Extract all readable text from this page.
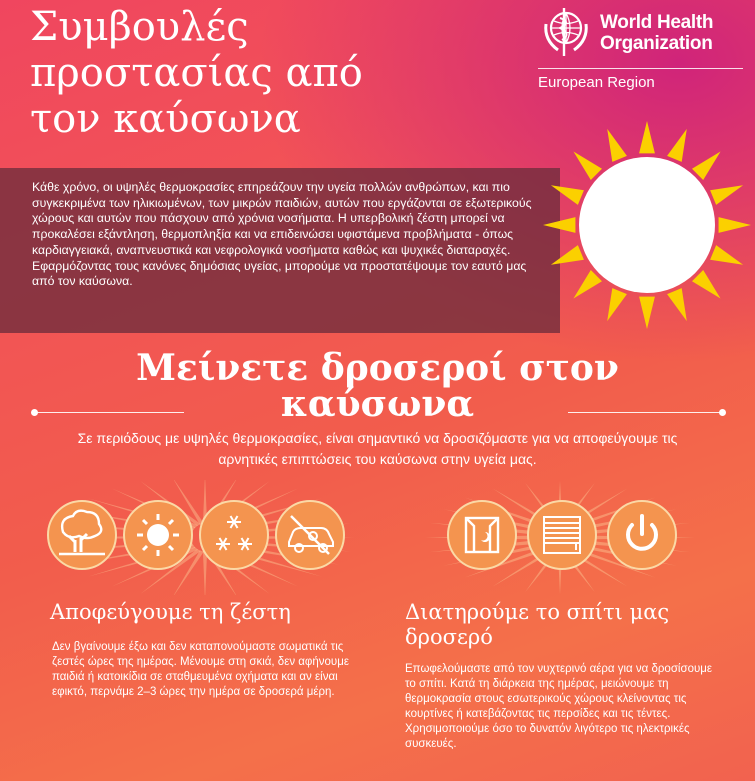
Συμβουλές προστασίας από τον καύσωνα
World Health
Organization
European Region

Κάθε χρόνο, οι υψηλές θερμοκρασίες επηρεάζουν την υγεία πολλών ανθρώπων, και πιο συγκεκριμένα των ηλικιωμένων, των μικρών παιδιών, αυτών που εργάζονται σε εξωτερικούς χώρους και αυτών που πάσχουν από χρόνια νοσήματα. Η υπερβολική ζέστη μπορεί να προκαλέσει εξάντληση, θερμοπληξία και να επιδεινώσει υφιστάμενα προβλήματα - όπως καρδιαγγειακά, αναπνευστικά και νεφρολογικά νοσήματα καθώς και ψυχικές διαταραχές. Εφαρμόζοντας τους κανόνες δημόσιας υγείας, μπορούμε να προστατέψουμε τον εαυτό μας από τον καύσωνα.

Μείνετε δροσεροί στον καύσωνα

Σε περιόδους με υψηλές θερμοκρασίες, είναι σημαντικό να δροσιζόμαστε για να αποφεύγουμε τις αρνητικές επιπτώσεις του καύσωνα στην υγεία μας.

Αποφεύγουμε τη ζέστη

Δεν βγαίνουμε έξω και δεν καταπονούμαστε σωματικά τις ζεστές ώρες της ημέρας. Μένουμε στη σκιά, δεν αφήνουμε παιδιά ή κατοικίδια σε σταθμευμένα οχήματα και αν είναι εφικτό, περνάμε 2–3 ώρες την ημέρα σε δροσερά μέρη.

Διατηρούμε το σπίτι μας δροσερό

Επωφελούμαστε από τον νυχτερινό αέρα για να δροσίσουμε το σπίτι. Κατά τη διάρκεια της ημέρας, μειώνουμε τη θερμοκρασία στους εσωτερικούς χώρους κλείνοντας τις κουρτίνες ή κατεβάζοντας τις περσίδες και τις τέντες. Χρησιμοποιούμε όσο το δυνατόν λιγότερο τις ηλεκτρικές συσκευές.
